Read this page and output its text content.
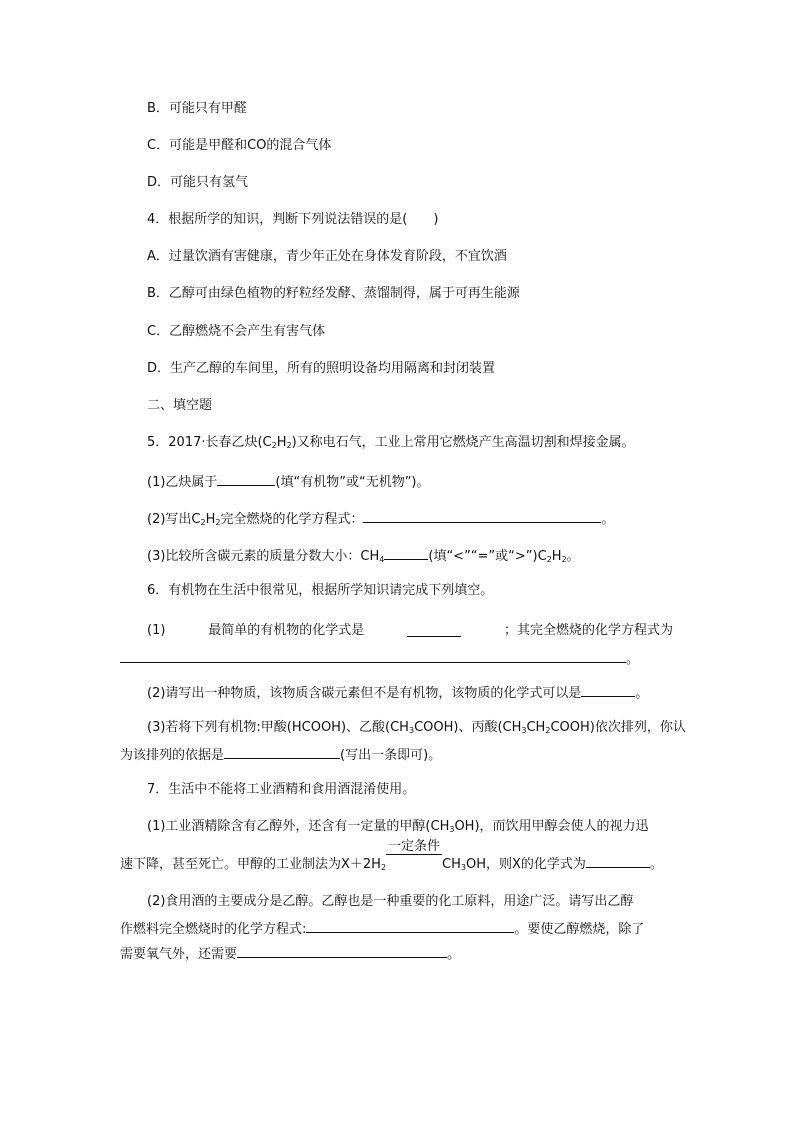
B．可能只有甲醛
C．可能是甲醛和CO的混合气体
D．可能只有氢气
4．根据所学的知识，判断下列说法错误的是(　　)
A．过量饮酒有害健康，青少年正处在身体发育阶段，不宜饮酒
B．乙醇可由绿色植物的籽粒经发酵、蒸馏制得，属于可再生能源
C．乙醇燃烧不会产生有害气体
D．生产乙醇的车间里，所有的照明设备均用隔离和封闭装置
二、填空题
5．2017·长春乙炔$(C_2H_2)$又称电石气，工业上常用它燃烧产生高温切割和焊接金属。
(1)乙炔属于	(填“有机物”或“无机物”)。
(2)写出$C_2H_2$完全燃烧的化学方程式：	。
(3)比较所含碳元素的质量分数大小：$CH_4$	(填“<”“=”或“$>”)C_2H_2$。
6．有机物在生活中很常见，根据所学知识请完成下列填空。
(1)	最简单的有机物的化学式是	；其完全燃烧的化学方程式为
。
(2)请写出一种物质，该物质含碳元素但不是有机物，该物质的化学式可以是	。
(3)若将下列有机物:甲酸(HCOOH)、乙酸$(CH_3COOH)$、丙酸$(CH_3CH_2COOH)$依次排列，你认
为该排列的依据是	(写出一条即可)。
7．生活中不能将工业酒精和食用酒混淆使用。
(1)工业酒精除含有乙醇外，还含有一定量的甲醇$(CH_3OH)$，而饮用甲醇会使人的视力迅
速下降，甚至死亡。甲醇的工业制法为$X+2H_2$
一定条件
$CH_3OH$，则X的化学式为	。
(2)食用酒的主要成分是乙醇。乙醇也是一种重要的化工原料，用途广泛。请写出乙醇
作燃料完全燃烧时的化学方程式:	。要使乙醇燃烧，除了
需要氧气外，还需要	。
